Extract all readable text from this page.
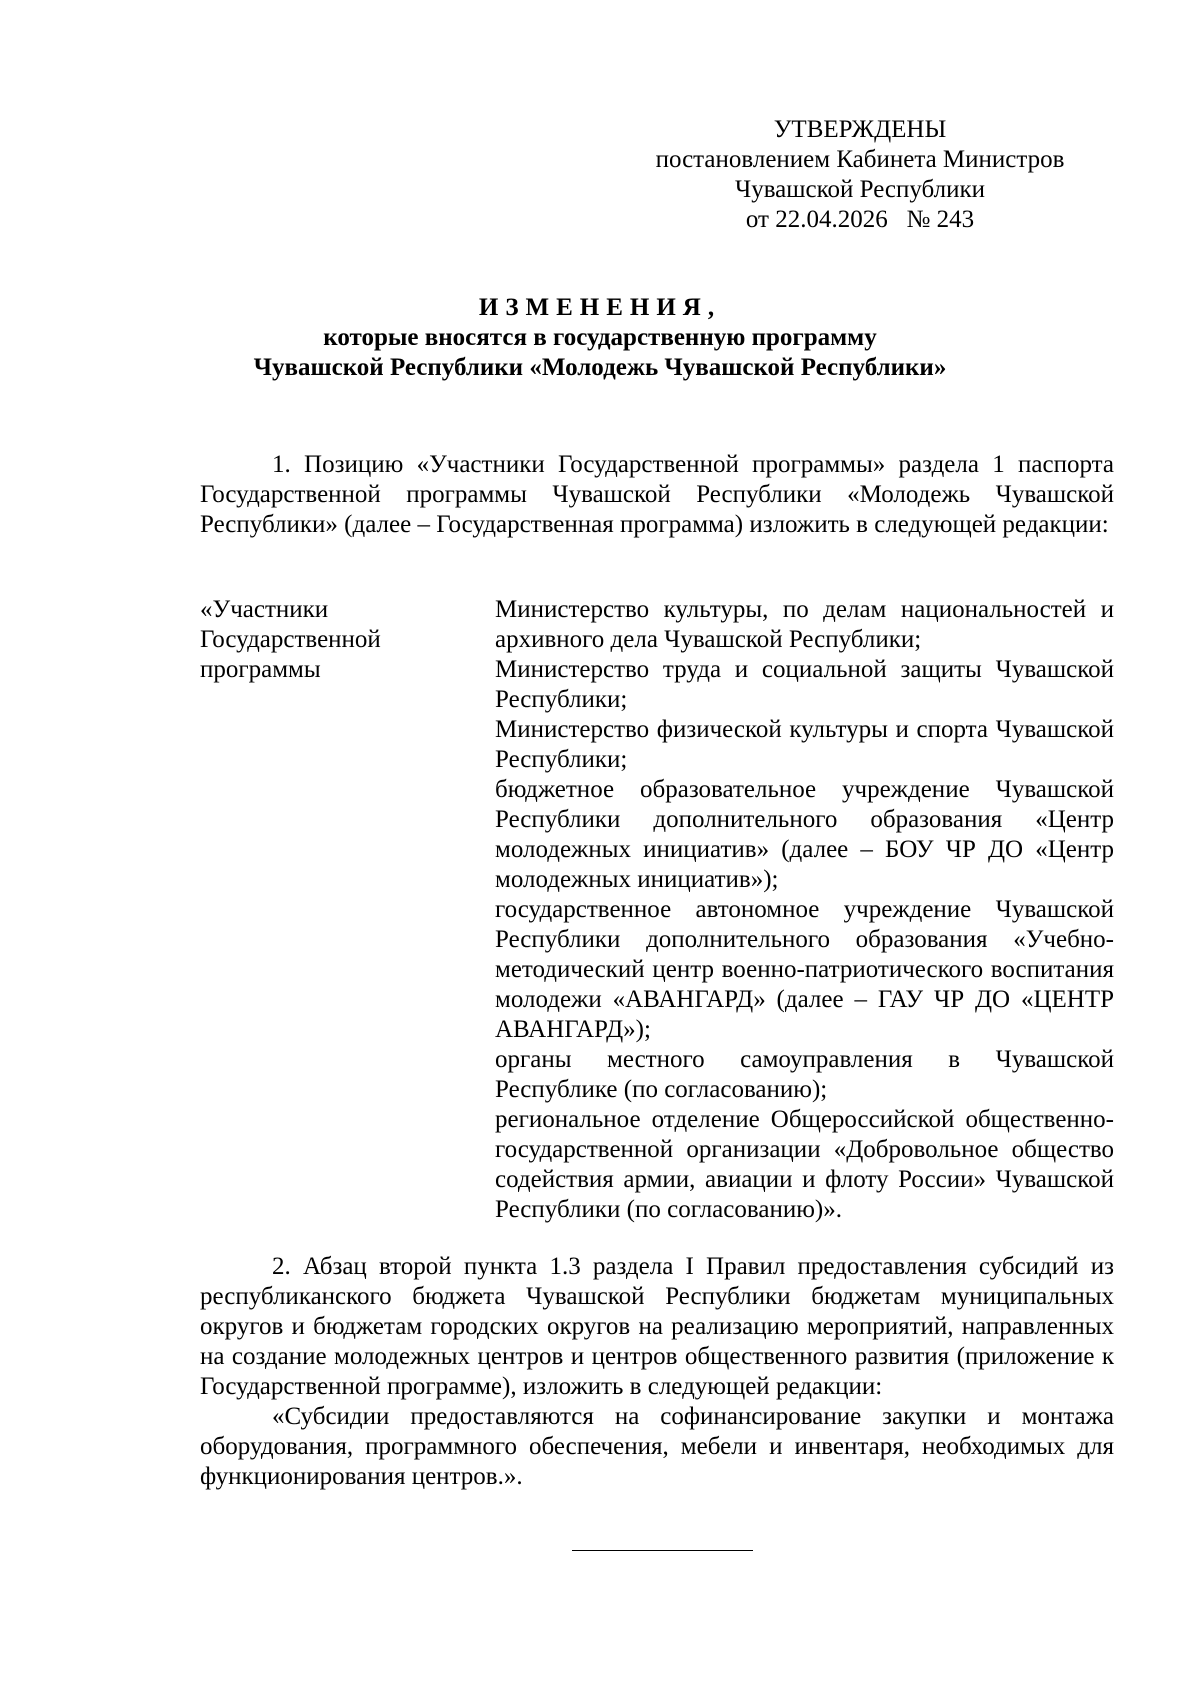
УТВЕРЖДЕНЫ
постановлением Кабинета Министров
Чувашской Республики
от 22.04.2026   № 243
ИЗМЕНЕНИЯ,
которые вносятся в государственную программу
Чувашской Республики «Молодежь Чувашской Республики»
1. Позицию «Участники Государственной программы» раздела 1 паспорта Государственной программы Чувашской Республики «Молодежь Чувашской Республики» (далее – Государственная программа) изложить в следующей редакции:
«Участники Государственной программы
Министерство культуры, по делам национальностей и архивного дела Чувашской Республики;
Министерство труда и социальной защиты Чувашской Республики;
Министерство физической культуры и спорта Чувашской Республики;
бюджетное образовательное учреждение Чувашской Республики дополнительного образования «Центр молодежных инициатив» (далее – БОУ ЧР ДО «Центр молодежных инициатив»);
государственное автономное учреждение Чувашской Республики дополнительного образования «Учебно-методический центр военно-патриотического воспитания молодежи «АВАНГАРД» (далее – ГАУ ЧР ДО «ЦЕНТР АВАНГАРД»);
органы местного самоуправления в Чувашской Республике (по согласованию);
региональное отделение Общероссийской общественно-государственной организации «Добровольное общество содействия армии, авиации и флоту России» Чувашской Республики (по согласованию)».
2. Абзац второй пункта 1.3 раздела I Правил предоставления субсидий из республиканского бюджета Чувашской Республики бюджетам муниципальных округов и бюджетам городских округов на реализацию мероприятий, направленных на создание молодежных центров и центров общественного развития (приложение к Государственной программе), изложить в следующей редакции:
«Субсидии предоставляются на софинансирование закупки и монтажа оборудования, программного обеспечения, мебели и инвентаря, необходимых для функционирования центров.».
